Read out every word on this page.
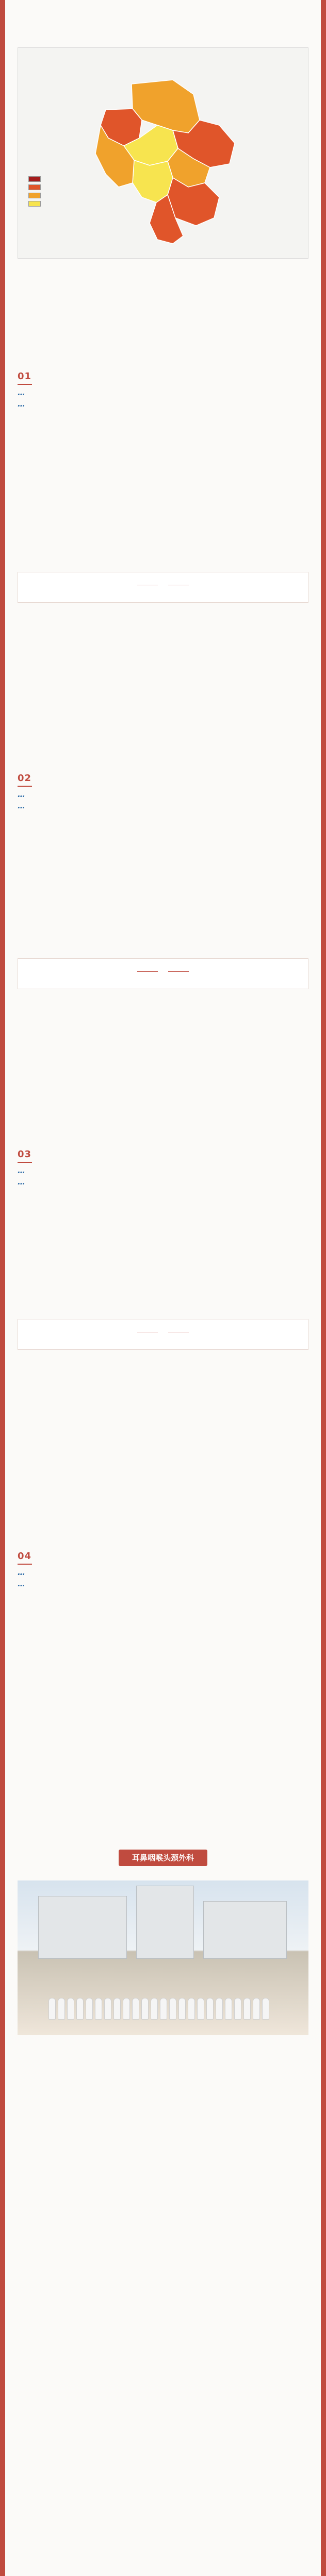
01
…
…

02
…
…

03
…
…

04
…
…

耳鼻咽喉头颈外科
